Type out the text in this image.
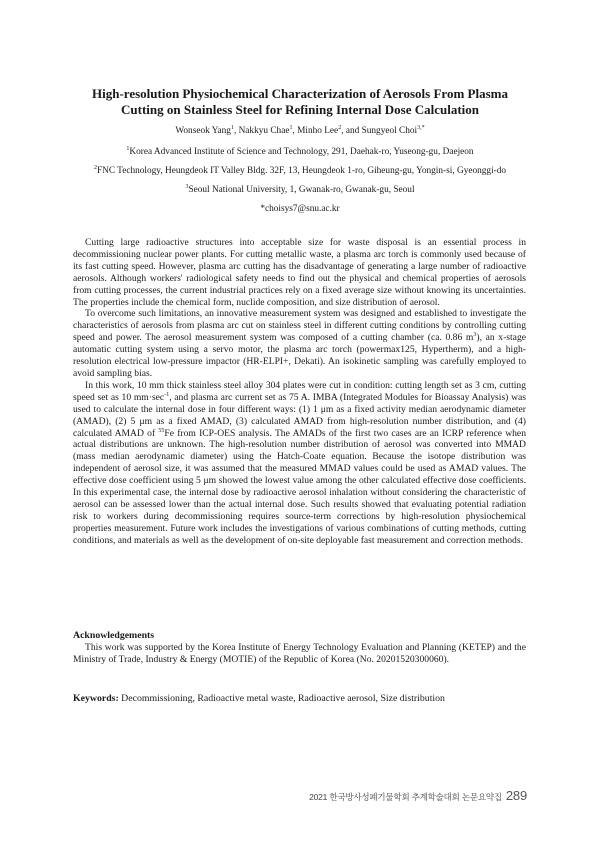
High-resolution Physiochemical Characterization of Aerosols From Plasma
Cutting on Stainless Steel for Refining Internal Dose Calculation

Wonseok Yang$^1$, Nakkyu Chae$^1$, Minho Lee$^2$, and Sungyeol Choi$^{3,*}$

$^1$Korea Advanced Institute of Science and Technology, 291, Daehak-ro, Yuseong-gu, Daejeon

$^2$FNC Technology, Heungdeok IT Valley Bldg. 32F, 13, Heungdeok 1-ro, Giheung-gu, Yongin-si, Gyeonggi-do

$^3$Seoul National University, 1, Gwanak-ro, Gwanak-gu, Seoul

*choisys7@snu.ac.kr

Cutting large radioactive structures into acceptable size for waste disposal is an essential process in decommissioning nuclear power plants. For cutting metallic waste, a plasma arc torch is commonly used because of its fast cutting speed. However, plasma arc cutting has the disadvantage of generating a large number of radioactive aerosols. Although workers' radiological safety needs to find out the physical and chemical properties of aerosols from cutting processes, the current industrial practices rely on a fixed average size without knowing its uncertainties. The properties include the chemical form, nuclide composition, and size distribution of aerosol.

To overcome such limitations, an innovative measurement system was designed and established to investigate the characteristics of aerosols from plasma arc cut on stainless steel in different cutting conditions by controlling cutting speed and power. The aerosol measurement system was composed of a cutting chamber (ca. 0.86 $m^3$), an x-stage automatic cutting system using a servo motor, the plasma arc torch (powermax125, Hypertherm), and a high-resolution electrical low-pressure impactor (HR-ELPI+, Dekati). An isokinetic sampling was carefully employed to avoid sampling bias.

In this work, 10 mm thick stainless steel alloy 304 plates were cut in condition: cutting length set as 3 cm, cutting speed set as 10 $mm\cdot\sec^{-1}$, and plasma arc current set as 75 A. IMBA (Integrated Modules for Bioassay Analysis) was used to calculate the internal dose in four different ways: (1) 1 μm as a fixed activity median aerodynamic diameter (AMAD), (2) 5 μm as a fixed AMAD, (3) calculated AMAD from high-resolution number distribution, and (4) calculated AMAD of $^{55}$Fe from ICP-OES analysis. The AMADs of the first two cases are an ICRP reference when actual distributions are unknown. The high-resolution number distribution of aerosol was converted into MMAD (mass median aerodynamic diameter) using the Hatch-Coate equation. Because the isotope distribution was independent of aerosol size, it was assumed that the measured MMAD values could be used as AMAD values. The effective dose coefficient using 5 μm showed the lowest value among the other calculated effective dose coefficients. In this experimental case, the internal dose by radioactive aerosol inhalation without considering the characteristic of aerosol can be assessed lower than the actual internal dose. Such results showed that evaluating potential radiation risk to workers during decommissioning requires source-term corrections by high-resolution physiochemical properties measurement. Future work includes the investigations of various combinations of cutting methods, cutting conditions, and materials as well as the development of on-site deployable fast measurement and correction methods.

Acknowledgements

This work was supported by the Korea Institute of Energy Technology Evaluation and Planning (KETEP) and the Ministry of Trade, Industry & Energy (MOTIE) of the Republic of Korea (No. 20201520300060).

Keywords: Decommissioning, Radioactive metal waste, Radioactive aerosol, Size distribution

2021 한국방사성폐기물학회 추계학술대회 논문요약집 289
